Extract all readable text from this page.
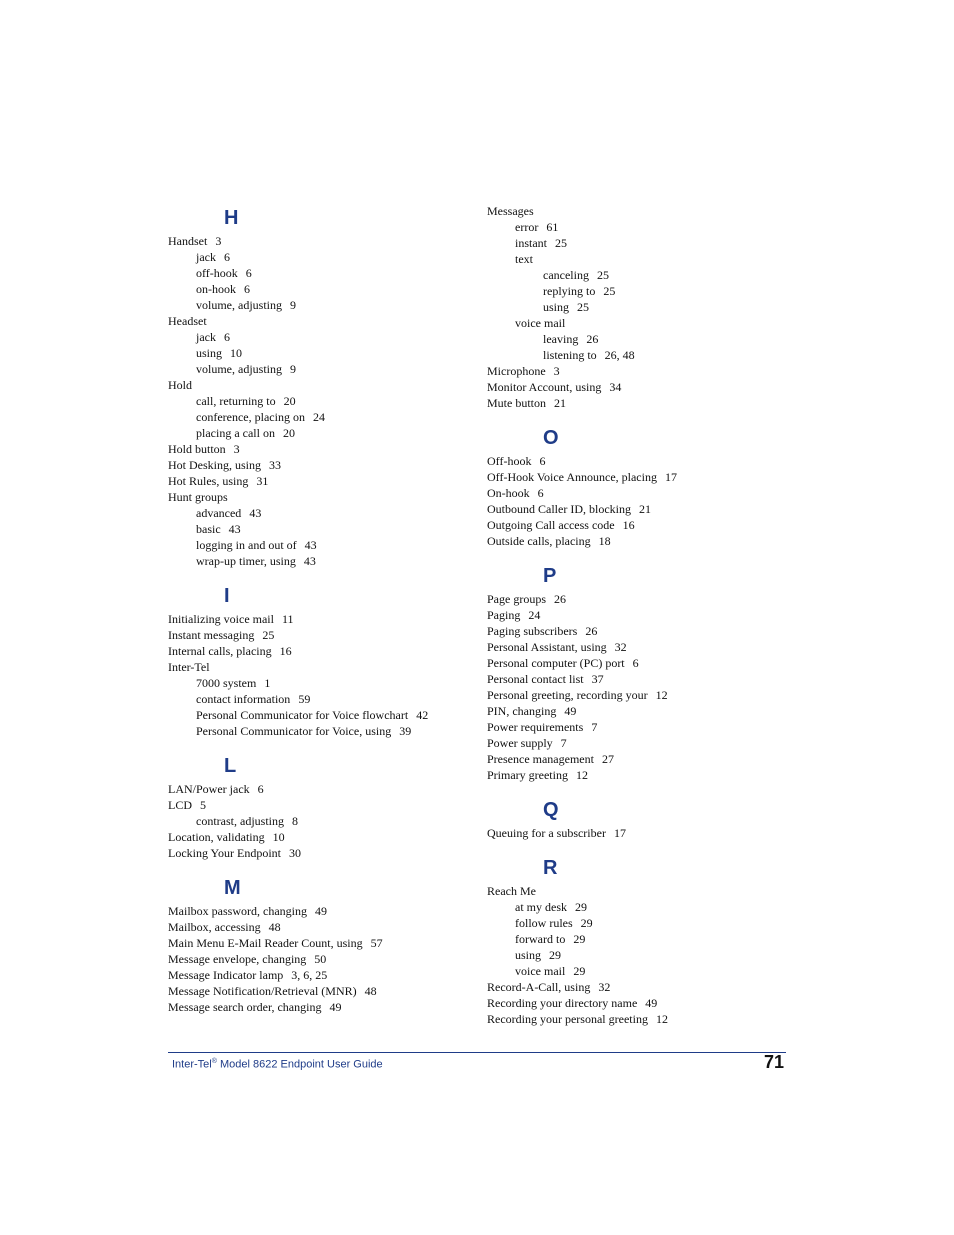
H
Handset 3
jack 6
off-hook 6
on-hook 6
volume, adjusting 9
Headset
jack 6
using 10
volume, adjusting 9
Hold
call, returning to 20
conference, placing on 24
placing a call on 20
Hold button 3
Hot Desking, using 33
Hot Rules, using 31
Hunt groups
advanced 43
basic 43
logging in and out of 43
wrap-up timer, using 43
I
Initializing voice mail 11
Instant messaging 25
Internal calls, placing 16
Inter-Tel
7000 system 1
contact information 59
Personal Communicator for Voice flowchart 42
Personal Communicator for Voice, using 39
L
LAN/Power jack 6
LCD 5
contrast, adjusting 8
Location, validating 10
Locking Your Endpoint 30
M
Mailbox password, changing 49
Mailbox, accessing 48
Main Menu E-Mail Reader Count, using 57
Message envelope, changing 50
Message Indicator lamp 3, 6, 25
Message Notification/Retrieval (MNR) 48
Message search order, changing 49
Messages
error 61
instant 25
text
canceling 25
replying to 25
using 25
voice mail
leaving 26
listening to 26, 48
Microphone 3
Monitor Account, using 34
Mute button 21
O
Off-hook 6
Off-Hook Voice Announce, placing 17
On-hook 6
Outbound Caller ID, blocking 21
Outgoing Call access code 16
Outside calls, placing 18
P
Page groups 26
Paging 24
Paging subscribers 26
Personal Assistant, using 32
Personal computer (PC) port 6
Personal contact list 37
Personal greeting, recording your 12
PIN, changing 49
Power requirements 7
Power supply 7
Presence management 27
Primary greeting 12
Q
Queuing for a subscriber 17
R
Reach Me
at my desk 29
follow rules 29
forward to 29
using 29
voice mail 29
Record-A-Call, using 32
Recording your directory name 49
Recording your personal greeting 12
Inter-Tel® Model 8622 Endpoint User Guide	71
